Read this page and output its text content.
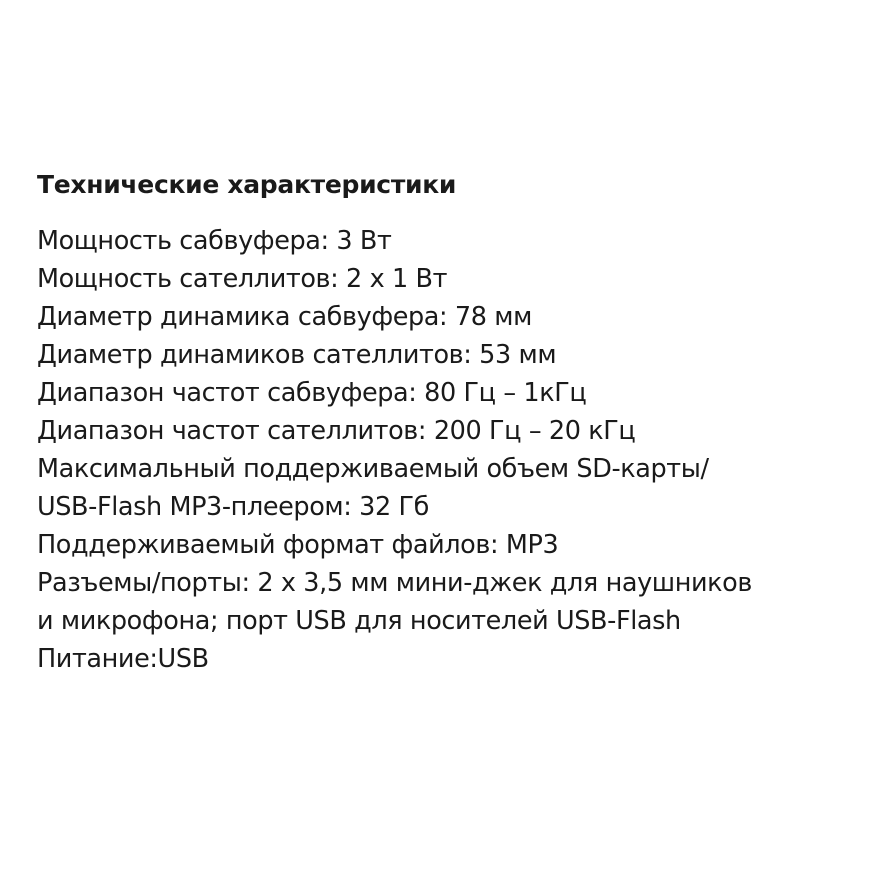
Технические характеристики
Мощность сабвуфера: 3 Вт
Мощность сателлитов: 2 x 1 Вт
Диаметр динамика сабвуфера: 78 мм
Диаметр динамиков сателлитов: 53 мм
Диапазон частот сабвуфера: 80 Гц – 1кГц
Диапазон частот сателлитов: 200 Гц – 20 кГц
Максимальный поддерживаемый объем SD-карты/
USB-Flash MP3-плеером: 32 Гб
Поддерживаемый формат файлов: MP3
Разъемы/порты: 2 x 3,5 мм мини-джек для наушников
и микрофона; порт USB для носителей USB-Flash
Питание:USB
